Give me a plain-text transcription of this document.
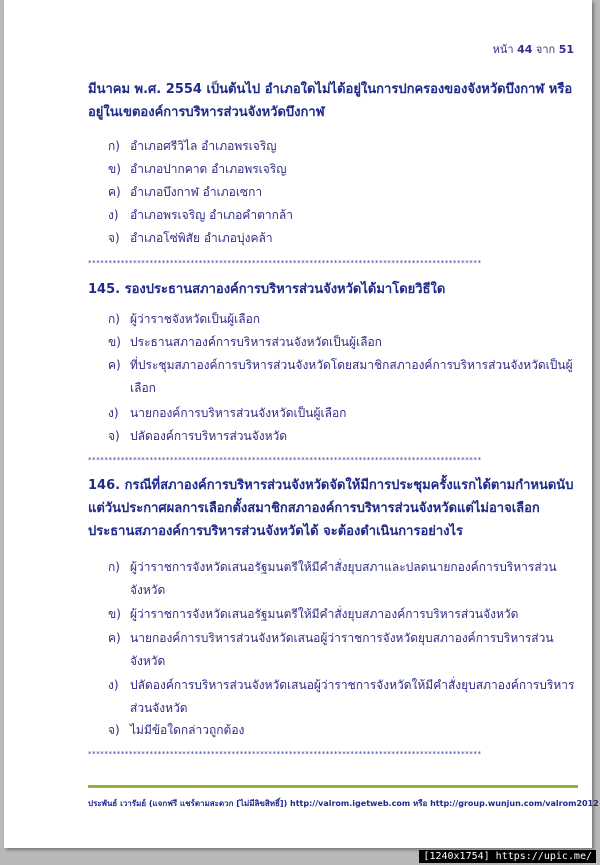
หน้า 44 จาก 51
มีนาคม พ.ศ. 2554 เป็นต้นไป อำเภอใดไม่ได้อยู่ในการปกครองของจังหวัดบึงกาฬ หรืออยู่ในเขตองค์การบริหารส่วนจังหวัดบึงกาฬ
ก) อำเภอศรีวิไล อำเภอพรเจริญ
ข) อำเภอปากคาด อำเภอพรเจริญ
ค) อำเภอบึงกาฬ อำเภอเซกา
ง) อำเภอพรเจริญ อำเภอคำตากล้า
จ) อำเภอโซ่พิสัย อำเภอบุ่งคล้า
************************************************************************************************
145. รองประธานสภาองค์การบริหารส่วนจังหวัดได้มาโดยวิธีใด
ก) ผู้ว่าราชจังหวัดเป็นผู้เลือก
ข) ประธานสภาองค์การบริหารส่วนจังหวัดเป็นผู้เลือก
ค) ที่ประชุมสภาองค์การบริหารส่วนจังหวัดโดยสมาชิกสภาองค์การบริหารส่วนจังหวัดเป็นผู้เลือก
ง) นายกองค์การบริหารส่วนจังหวัดเป็นผู้เลือก
จ) ปลัดองค์การบริหารส่วนจังหวัด
************************************************************************************************
146. กรณีที่สภาองค์การบริหารส่วนจังหวัดจัดให้มีการประชุมครั้งแรกได้ตามกำหนดนับแต่วันประกาศผลการเลือกตั้งสมาชิกสภาองค์การบริหารส่วนจังหวัดแต่ไม่อาจเลือกประธานสภาองค์การบริหารส่วนจังหวัดได้ จะต้องดำเนินการอย่างไร
ก) ผู้ว่าราชการจังหวัดเสนอรัฐมนตรีให้มีคำสั่งยุบสภาและปลดนายกองค์การบริหารส่วนจังหวัด
ข) ผู้ว่าราชการจังหวัดเสนอรัฐมนตรีให้มีคำสั่งยุบสภาองค์การบริหารส่วนจังหวัด
ค) นายกองค์การบริหารส่วนจังหวัดเสนอผู้ว่าราชการจังหวัดยุบสภาองค์การบริหารส่วนจังหวัด
ง) ปลัดองค์การบริหารส่วนจังหวัดเสนอผู้ว่าราชการจังหวัดให้มีคำสั่งยุบสภาองค์การบริหารส่วนจังหวัด
จ) ไม่มีข้อใดกล่าวถูกต้อง
************************************************************************************************
ประพันธ์ เวารัมย์ (แจกฟรี แชร์ตามสะดวก [ไม่มีลิขสิทธิ์]) http://valrom.igetweb.com หรือ http://group.wunjun.com/valrom2012
[1240x1754] https://upic.me/
